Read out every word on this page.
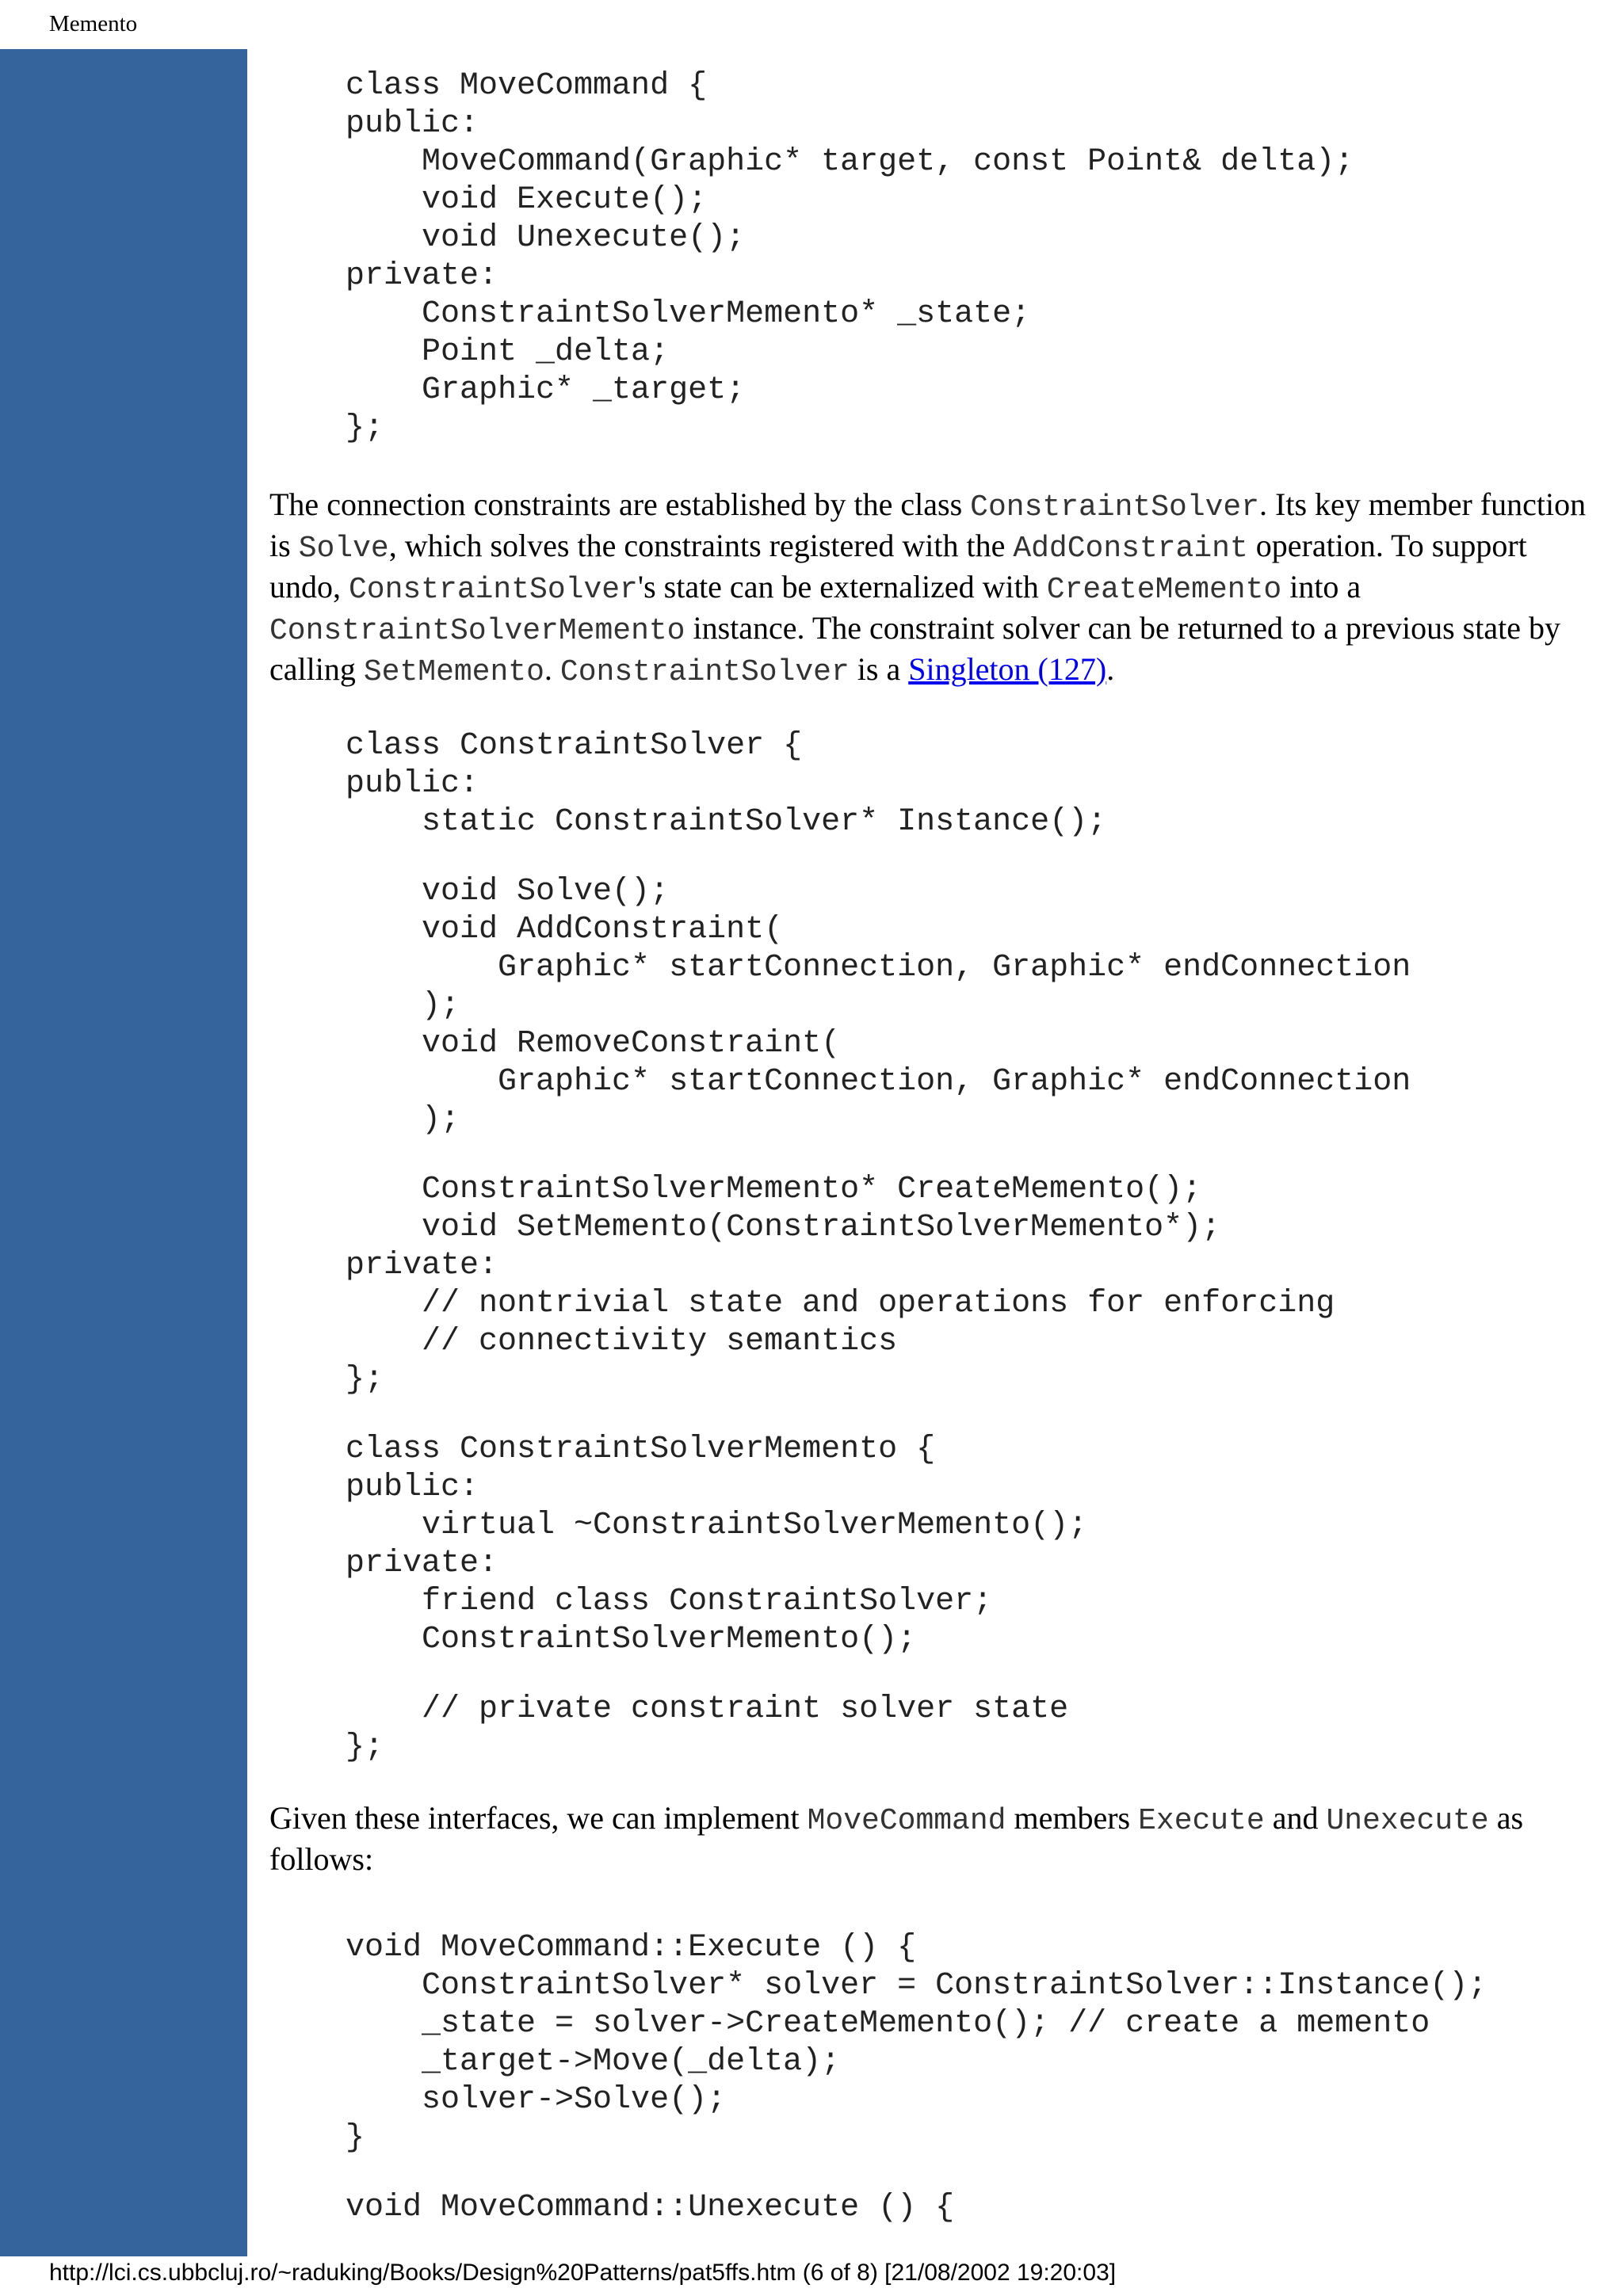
Memento
class MoveCommand {
public:
MoveCommand(Graphic* target, const Point& delta);
void Execute();
void Unexecute();
private:
ConstraintSolverMemento* _state;
Point _delta;
Graphic* _target;
};

The connection constraints are established by the class ConstraintSolver. Its key member function is Solve, which solves the constraints registered with the AddConstraint operation. To support undo, ConstraintSolver's state can be externalized with CreateMemento into a ConstraintSolverMemento instance. The constraint solver can be returned to a previous state by calling SetMemento. ConstraintSolver is a Singleton (127).

class ConstraintSolver {
public:
static ConstraintSolver* Instance();

void Solve();
void AddConstraint(
Graphic* startConnection, Graphic* endConnection
);
void RemoveConstraint(
Graphic* startConnection, Graphic* endConnection
);

ConstraintSolverMemento* CreateMemento();
void SetMemento(ConstraintSolverMemento*);
private:
// nontrivial state and operations for enforcing
// connectivity semantics
};

class ConstraintSolverMemento {
public:
virtual ~ConstraintSolverMemento();
private:
friend class ConstraintSolver;
ConstraintSolverMemento();

// private constraint solver state
};

Given these interfaces, we can implement MoveCommand members Execute and Unexecute as follows:

void MoveCommand::Execute () {
ConstraintSolver* solver = ConstraintSolver::Instance();
_state = solver->CreateMemento(); // create a memento
_target->Move(_delta);
solver->Solve();
}

void MoveCommand::Unexecute () {

http://lci.cs.ubbcluj.ro/~raduking/Books/Design%20Patterns/pat5ffs.htm (6 of 8) [21/08/2002 19:20:03]
